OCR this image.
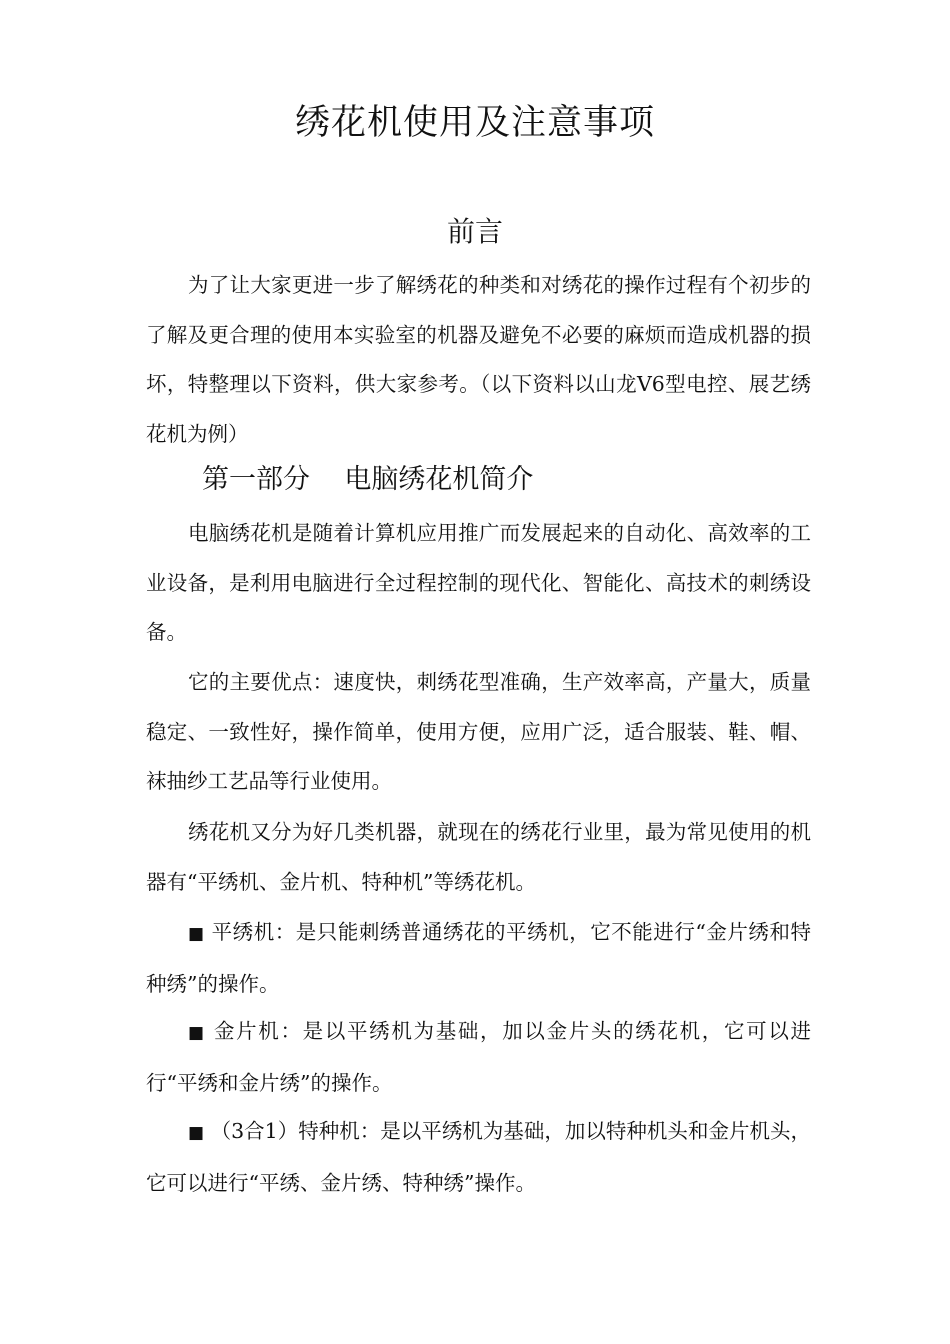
绣花机使用及注意事项
前言

为了让大家更进一步了解绣花的种类和对绣花的操作过程有个初步的了解及更合理的使用本实验室的机器及避免不必要的麻烦而造成机器的损坏，特整理以下资料，供大家参考。（以下资料以山龙V6型电控、展艺绣花机为例）

第一部分    电脑绣花机简介

电脑绣花机是随着计算机应用推广而发展起来的自动化、高效率的工业设备，是利用电脑进行全过程控制的现代化、智能化、高技术的刺绣设备。

它的主要优点：速度快，刺绣花型准确，生产效率高，产量大，质量稳定、一致性好，操作简单，使用方便，应用广泛，适合服装、鞋、帽、袜抽纱工艺品等行业使用。

绣花机又分为好几类机器，就现在的绣花行业里，最为常见使用的机器有“平绣机、金片机、特种机”等绣花机。

■ 平绣机：是只能刺绣普通绣花的平绣机，它不能进行“金片绣和特种绣”的操作。

■ 金片机：是以平绣机为基础，加以金片头的绣花机，它可以进行“平绣和金片绣”的操作。

■ （3合1）特种机：是以平绣机为基础，加以特种机头和金片机头，它可以进行“平绣、金片绣、特种绣”操作。
